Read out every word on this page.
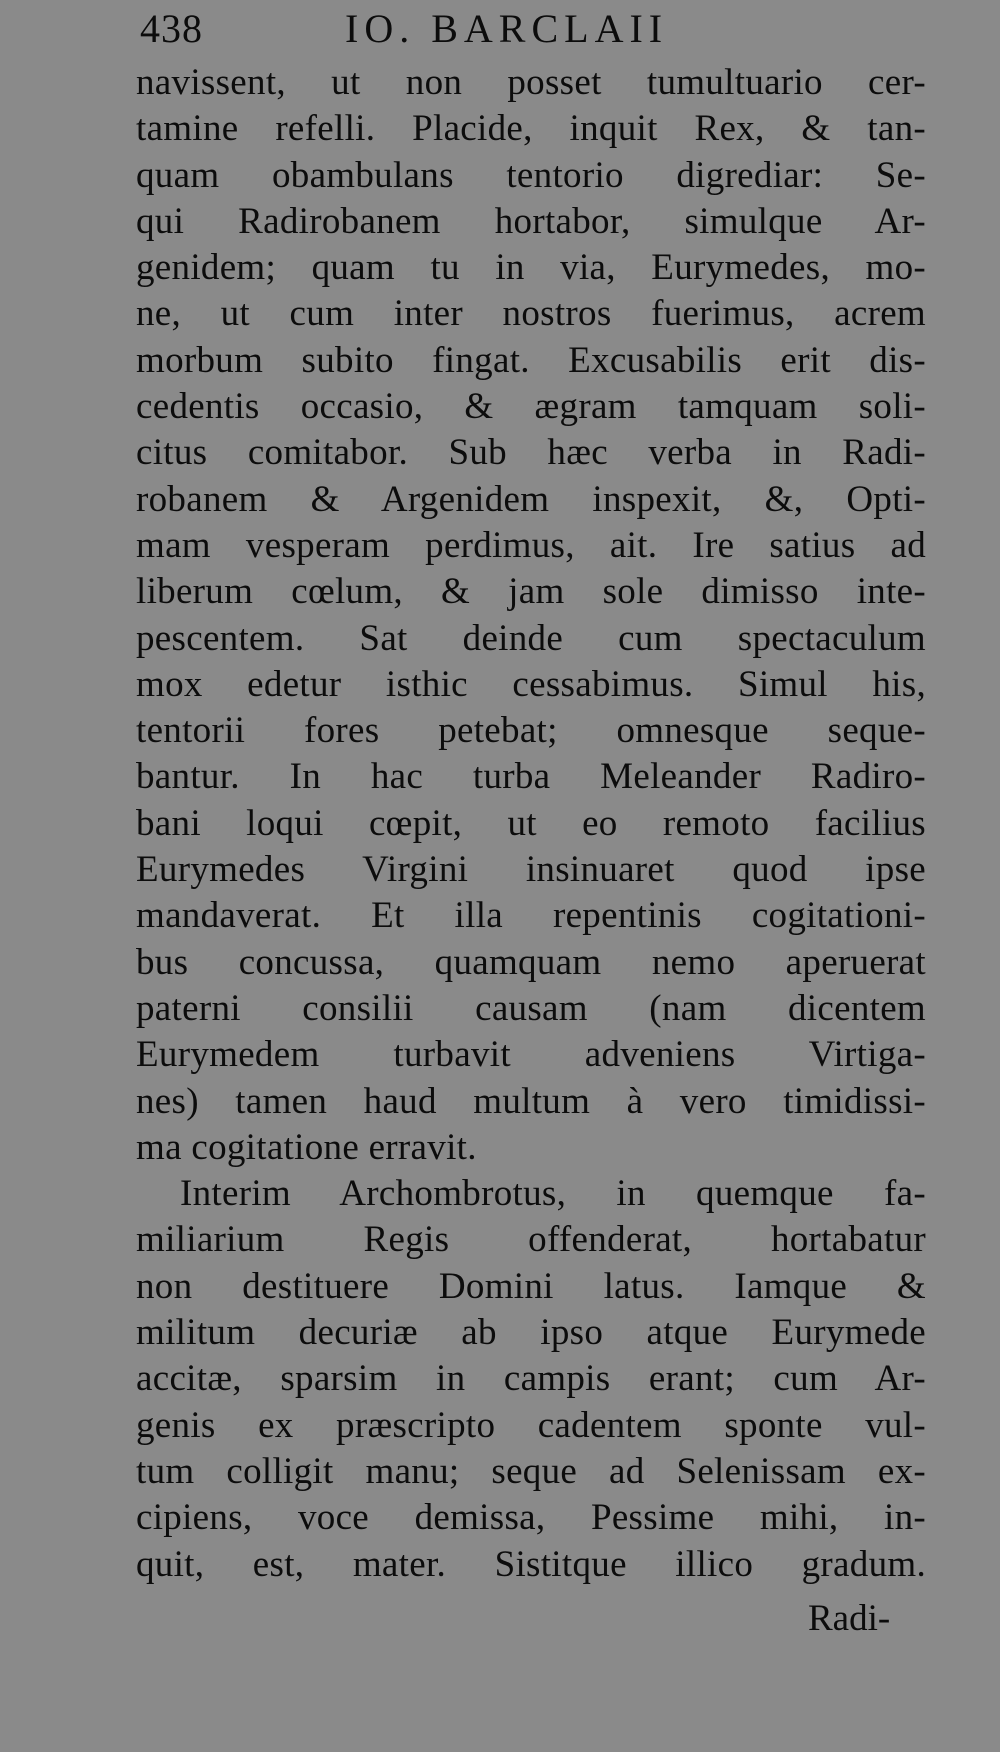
438	IO. BARCLAII
navissent, ut non posset tumultuario cer-
tamine refelli. Placide, inquit Rex, & tan-
quam obambulans tentorio digrediar: Se-
qui Radirobanem hortabor, simulque Ar-
genidem; quam tu in via, Eurymedes, mo-
ne, ut cum inter nostros fuerimus, acrem
morbum subito fingat. Excusabilis erit dis-
cedentis occasio, & ægram tamquam soli-
citus comitabor. Sub hæc verba in Radi-
robanem & Argenidem inspexit, &, Opti-
mam vesperam perdimus, ait. Ire satius ad
liberum cœlum, & jam sole dimisso inte-
pescentem. Sat deinde cum spectaculum
mox edetur isthic cessabimus. Simul his,
tentorii fores petebat; omnesque seque-
bantur. In hac turba Meleander Radiro-
bani loqui cœpit, ut eo remoto facilius
Eurymedes Virgini insinuaret quod ipse
mandaverat. Et illa repentinis cogitationi-
bus concussa, quamquam nemo aperuerat
paterni consilii causam (nam dicentem
Eurymedem turbavit adveniens Virtiga-
nes) tamen haud multum à vero timidissi-
ma cogitatione erravit.
Interim Archombrotus, in quemque fa-
miliarium Regis offenderat, hortabatur
non destituere Domini latus. Iamque &
militum decuriæ ab ipso atque Eurymede
accitæ, sparsim in campis erant; cum Ar-
genis ex præscripto cadentem sponte vul-
tum colligit manu; seque ad Selenissam ex-
cipiens, voce demissa, Pessime mihi, in-
quit, est, mater. Sistitque illico gradum.
Radi-
